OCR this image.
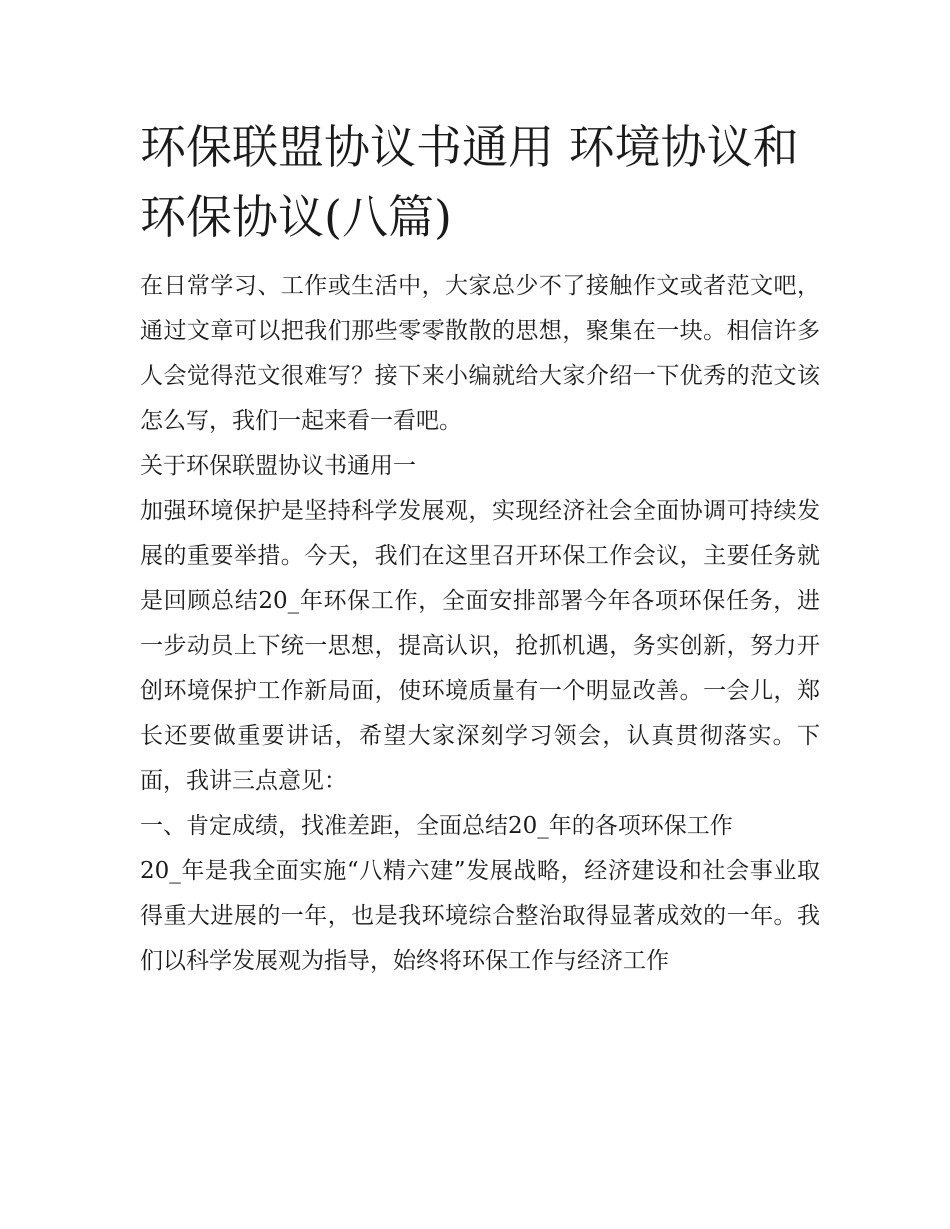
环保联盟协议书通用 环境协议和环保协议(八篇)

在日常学习、工作或生活中，大家总少不了接触作文或者范文吧，通过文章可以把我们那些零零散散的思想，聚集在一块。相信许多人会觉得范文很难写？接下来小编就给大家介绍一下优秀的范文该怎么写，我们一起来看一看吧。

关于环保联盟协议书通用一

加强环境保护是坚持科学发展观，实现经济社会全面协调可持续发展的重要举措。今天，我们在这里召开环保工作会议，主要任务就是回顾总结20_年环保工作，全面安排部署今年各项环保任务，进一步动员上下统一思想，提高认识，抢抓机遇，务实创新，努力开创环境保护工作新局面，使环境质量有一个明显改善。一会儿，郑长还要做重要讲话，希望大家深刻学习领会，认真贯彻落实。下面，我讲三点意见：

一、肯定成绩，找准差距，全面总结20_年的各项环保工作

20_年是我全面实施“八精六建”发展战略，经济建设和社会事业取得重大进展的一年，也是我环境综合整治取得显著成效的一年。我们以科学发展观为指导，始终将环保工作与经济工作
